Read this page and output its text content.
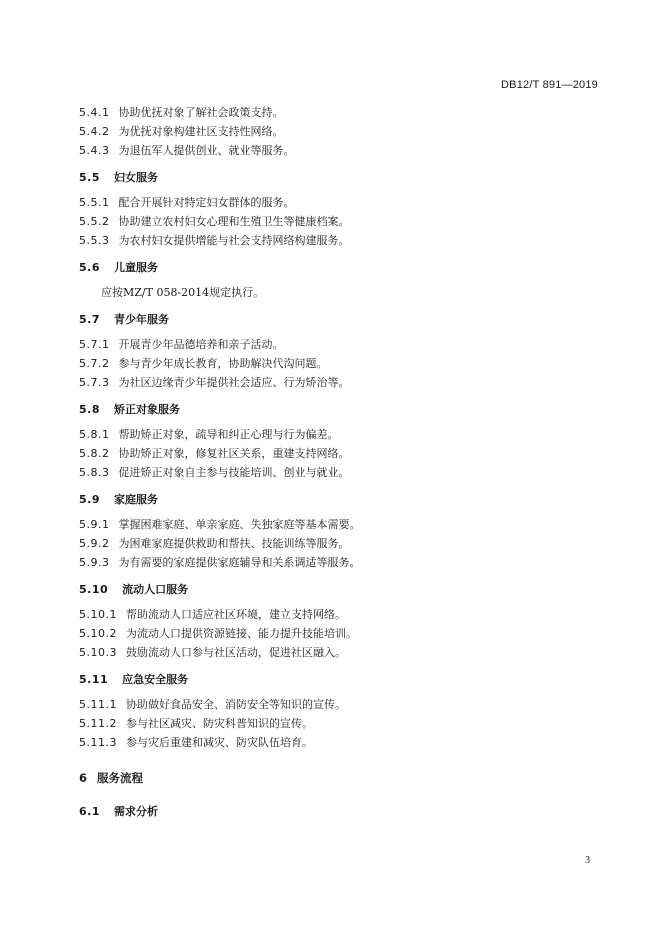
DB12/T 891—2019
5.4.1 协助优抚对象了解社会政策支持。
5.4.2 为优抚对象构建社区支持性网络。
5.4.3 为退伍军人提供创业、就业等服务。
5.5 妇女服务
5.5.1 配合开展针对特定妇女群体的服务。
5.5.2 协助建立农村妇女心理和生殖卫生等健康档案。
5.5.3 为农村妇女提供增能与社会支持网络构建服务。
5.6 儿童服务
应按MZ/T 058-2014规定执行。
5.7 青少年服务
5.7.1 开展青少年品德培养和亲子活动。
5.7.2 参与青少年成长教育，协助解决代沟问题。
5.7.3 为社区边缘青少年提供社会适应、行为矫治等。
5.8 矫正对象服务
5.8.1 帮助矫正对象，疏导和纠正心理与行为偏差。
5.8.2 协助矫正对象，修复社区关系，重建支持网络。
5.8.3 促进矫正对象自主参与技能培训、创业与就业。
5.9 家庭服务
5.9.1 掌握困难家庭、单亲家庭、失独家庭等基本需要。
5.9.2 为困难家庭提供救助和帮扶、技能训练等服务。
5.9.3 为有需要的家庭提供家庭辅导和关系调适等服务。
5.10 流动人口服务
5.10.1 帮助流动人口适应社区环境，建立支持网络。
5.10.2 为流动人口提供资源链接、能力提升技能培训。
5.10.3 鼓励流动人口参与社区活动，促进社区融入。
5.11 应急安全服务
5.11.1 协助做好食品安全、消防安全等知识的宣传。
5.11.2 参与社区减灾、防灾科普知识的宣传。
5.11.3 参与灾后重建和减灾、防灾队伍培育。
6 服务流程
6.1 需求分析
3
